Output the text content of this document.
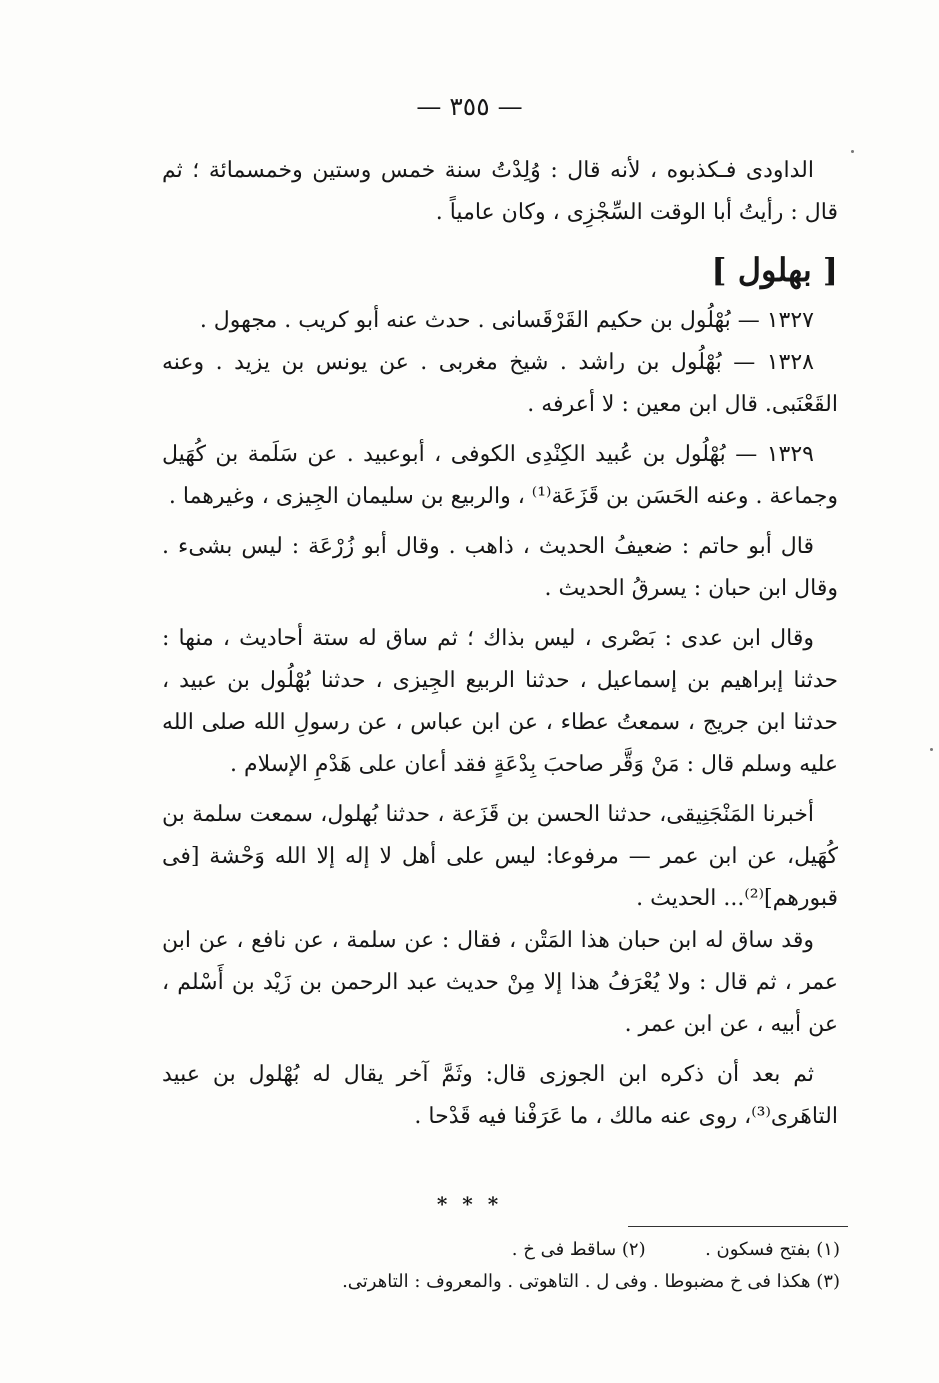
— ٣٥٥ —

الداودى فـكذبوه ، لأنه قال : وُلِدْتُ سنة خمس وستين وخمسمائة ؛ ثم قال : رأيتُ أبا الوقت السِّجْزِى ، وكان عامياً .

[ بهلول ]

١٣٢٧ — بُهْلُول بن حكيم القَرْقَسانى . حدث عنه أبو كريب . مجهول .

١٣٢٨ — بُهْلُول بن راشد . شيخ مغربى . عن يونس بن يزيد . وعنه القَعْنَبى. قال ابن معين : لا أعرفه .

١٣٢٩ — بُهْلُول بن عُبيد الكِنْدِى الكوفى ، أبوعبيد . عن سَلَمة بن كُهَيل وجماعة . وعنه الحَسَن بن قَزَعَة⁽¹⁾ ، والربيع بن سليمان الجِيزى ، وغيرهما .

قال أبو حاتم : ضعيفُ الحديث ، ذاهب . وقال أبو زُرْعَة : ليس بشىء . وقال ابن حبان : يسرقُ الحديث .

وقال ابن عدى : بَصْرى ، ليس بذاك ؛ ثم ساق له ستة أحاديث ، منها : حدثنا إبراهيم بن إسماعيل ، حدثنا الربيع الجِيزى ، حدثنا بُهْلُول بن عبيد ، حدثنا ابن جريج ، سمعتُ عطاء ، عن ابن عباس ، عن رسولِ الله صلى الله عليه وسلم قال : مَنْ وَقَّر صاحبَ بِدْعَةٍ فقد أعان على هَدْمِ الإسلام .

أخبرنا المَنْجَنِيقى، حدثنا الحسن بن قَزَعة ، حدثنا بُهلول، سمعت سلمة بن كُهَيل، عن ابن عمر — مرفوعا: ليس على أهل لا إله إلا الله وَحْشة [فى قبورهم]⁽²⁾... الحديث .

وقد ساق له ابن حبان هذا المَتْن ، فقال : عن سلمة ، عن نافع ، عن ابن عمر ، ثم قال : ولا يُعْرَفُ هذا إلا مِنْ حديث عبد الرحمن بن زَيْد بن أَسْلم ، عن أبيه ، عن ابن عمر .

ثم بعد أن ذكره ابن الجوزى قال: وثَمَّ آخر يقال له بُهْلول بن عبيد التاهَرى⁽³⁾، روى عنه مالك ، ما عَرَفْنا فيه قَدْحا .

* * *

(١) بفتح فسكون .  (٢) ساقط فى خ .

(٣) هكذا فى خ مضبوطا . وفى ل . التاهوتى . والمعروف : التاهرتى.
